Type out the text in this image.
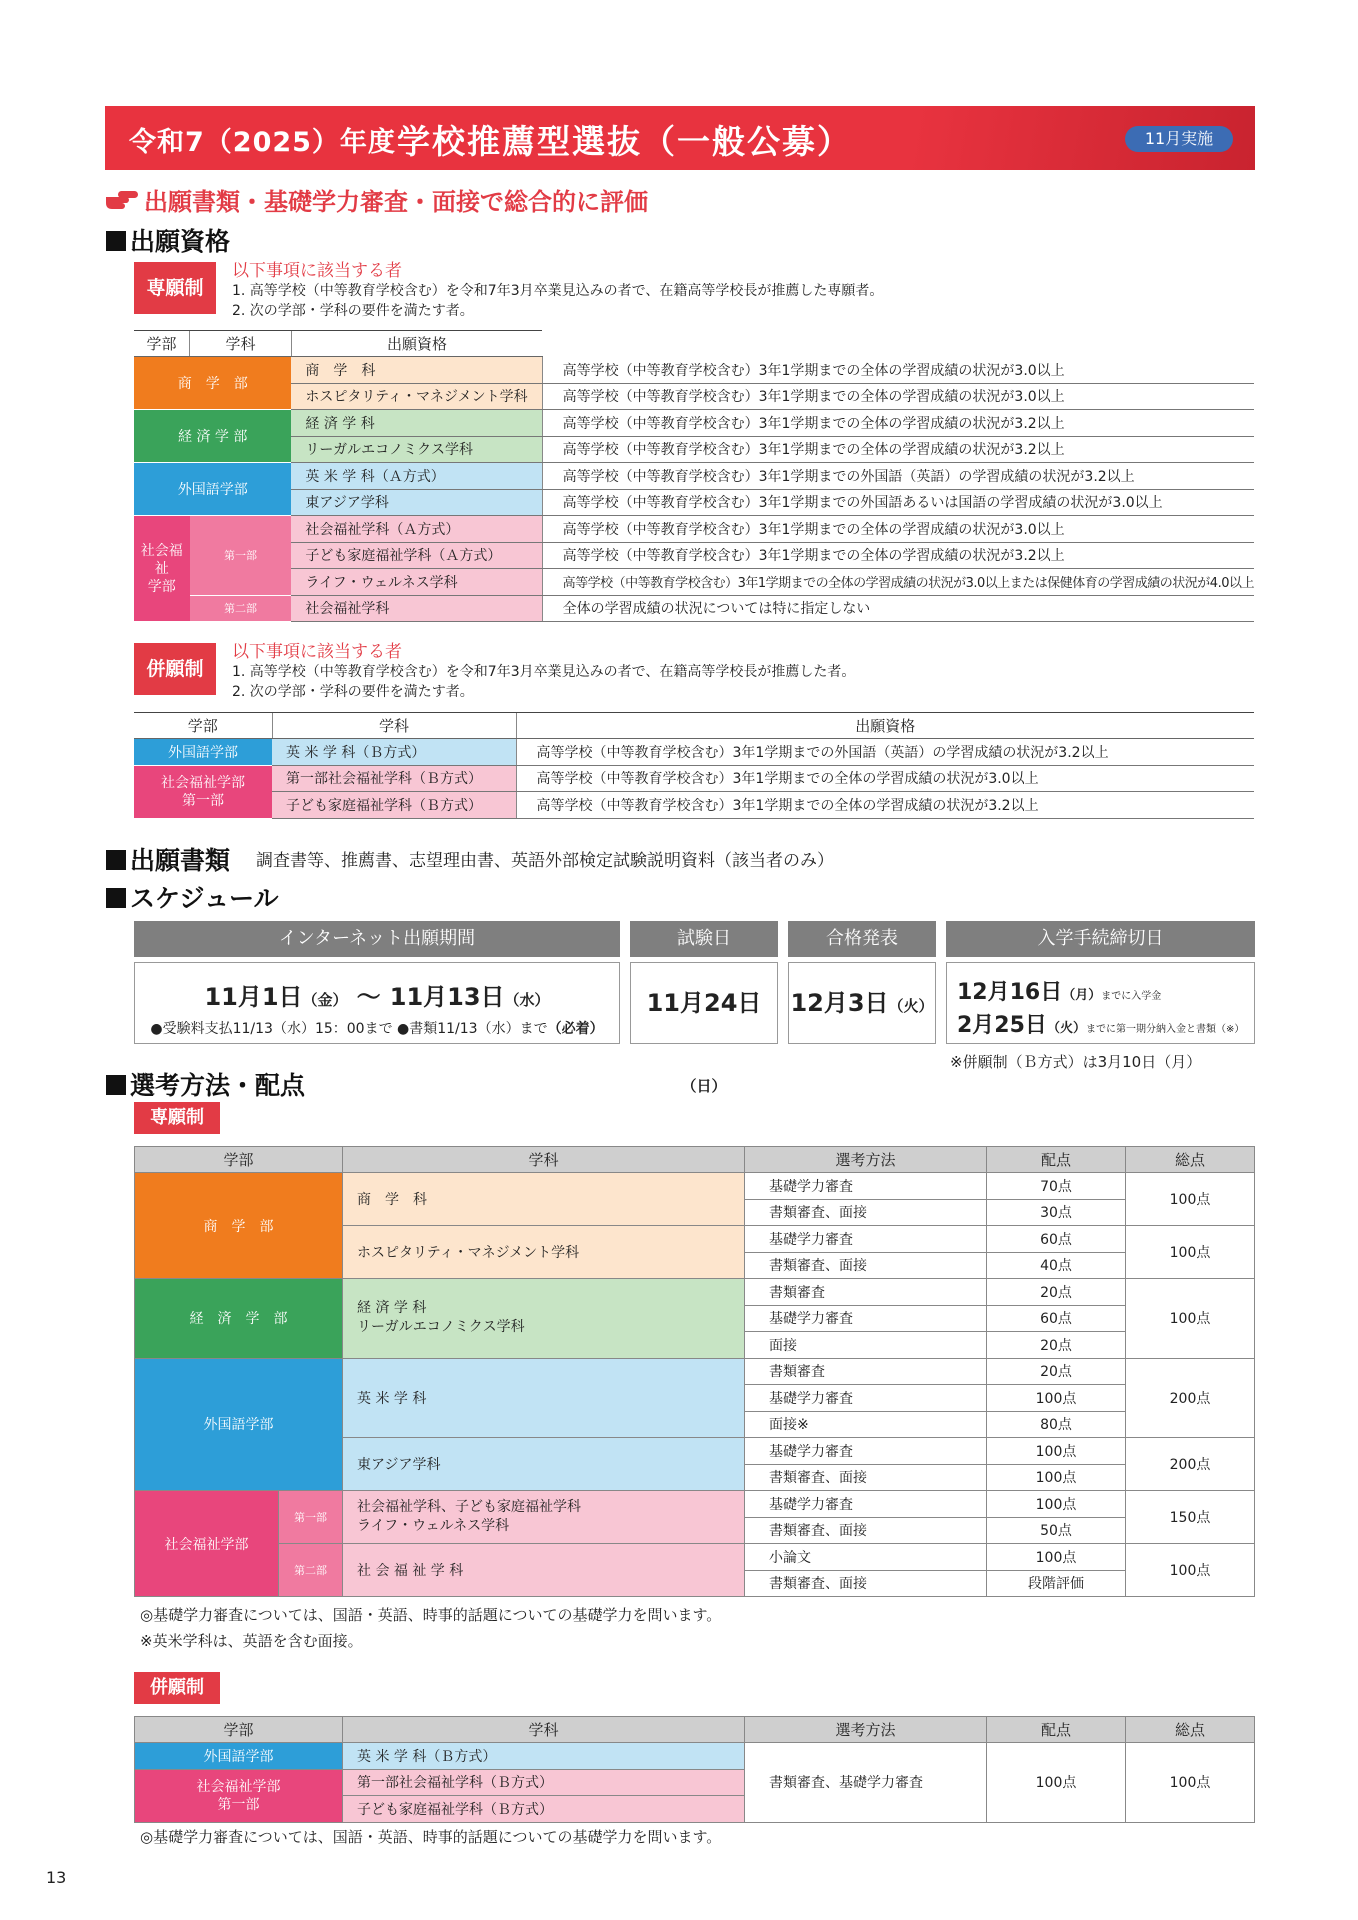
令和7（2025）年度 学校推薦型選抜（一般公募）	11月実施
出願書類・基礎学力審査・面接で総合的に評価
出願資格
専願制
以下事項に該当する者
1. 高等学校（中等教育学校含む）を令和7年3月卒業見込みの者で、在籍高等学校長が推薦した専願者。
2. 次の学部・学科の要件を満たす者。
学部	学科	出願資格	
商　学　部		商　学　科	高等学校（中等教育学校含む）3年1学期までの全体の学習成績の状況が3.0以上
		ホスピタリティ・マネジメント学科	高等学校（中等教育学校含む）3年1学期までの全体の学習成績の状況が3.0以上
経 済 学 部		経 済 学 科	高等学校（中等教育学校含む）3年1学期までの全体の学習成績の状況が3.2以上
		リーガルエコノミクス学科	高等学校（中等教育学校含む）3年1学期までの全体の学習成績の状況が3.2以上
外国語学部		英 米 学 科（Ａ方式）	高等学校（中等教育学校含む）3年1学期までの外国語（英語）の学習成績の状況が3.2以上
		東アジア学科	高等学校（中等教育学校含む）3年1学期までの外国語あるいは国語の学習成績の状況が3.0以上
社会福祉
学部	第一部	社会福祉学科（Ａ方式）	高等学校（中等教育学校含む）3年1学期までの全体の学習成績の状況が3.0以上
		子ども家庭福祉学科（Ａ方式）	高等学校（中等教育学校含む）3年1学期までの全体の学習成績の状況が3.2以上
		ライフ・ウェルネス学科	高等学校（中等教育学校含む）3年1学期までの全体の学習成績の状況が3.0以上または保健体育の学習成績の状況が4.0以上
	第二部	社会福祉学科	全体の学習成績の状況については特に指定しない
併願制
以下事項に該当する者
1. 高等学校（中等教育学校含む）を令和7年3月卒業見込みの者で、在籍高等学校長が推薦した者。
2. 次の学部・学科の要件を満たす者。
学部	学科	出願資格
外国語学部	英 米 学 科（Ｂ方式）	高等学校（中等教育学校含む）3年1学期までの外国語（英語）の学習成績の状況が3.2以上
社会福祉学部
第一部	第一部社会福祉学科（Ｂ方式）	高等学校（中等教育学校含む）3年1学期までの全体の学習成績の状況が3.0以上
	子ども家庭福祉学科（Ｂ方式）	高等学校（中等教育学校含む）3年1学期までの全体の学習成績の状況が3.2以上
出願書類 調査書等、推薦書、志望理由書、英語外部検定試験説明資料（該当者のみ）
スケジュール
インターネット出願期間	試験日	合格発表	入学手続締切日
11月1日（金） 〜 11月13日（水）
●受験料支払11/13（水）15：00まで ●書類11/13（水）まで（必着）
11月24日（日）
12月3日（火）
12月16日（月）までに入学金
2月25日（火）までに第一期分納入金と書類（※）
※併願制（Ｂ方式）は3月10日（月）
選考方法・配点
専願制
学部		学科	選考方法	配点	総点
商　学　部		商　学　科	基礎学力審査	70点	100点
			書類審査、面接	30点	
		ホスピタリティ・マネジメント学科	基礎学力審査	60点	100点
			書類審査、面接	40点	
経　済　学　部		経 済 学 科
リーガルエコノミクス学科	書類審査	20点	100点
			基礎学力審査	60点	
			面接	20点	
外国語学部		英 米 学 科	書類審査	20点	200点
			基礎学力審査	100点	
			面接※	80点	
		東アジア学科	基礎学力審査	100点	200点
			書類審査、面接	100点	
社会福祉学部	第一部	社会福祉学科、子ども家庭福祉学科
ライフ・ウェルネス学科	基礎学力審査	100点	150点
			書類審査、面接	50点	
	第二部	社 会 福 祉 学 科	小論文	100点	100点
			書類審査、面接	段階評価	
◎基礎学力審査については、国語・英語、時事的話題についての基礎学力を問います。
※英米学科は、英語を含む面接。
併願制
学部	学科	選考方法	配点	総点
外国語学部	英 米 学 科（Ｂ方式）	書類審査、基礎学力審査	100点	100点
社会福祉学部
第一部	第一部社会福祉学科（Ｂ方式）			
	子ども家庭福祉学科（Ｂ方式）			
◎基礎学力審査については、国語・英語、時事的話題についての基礎学力を問います。
13
